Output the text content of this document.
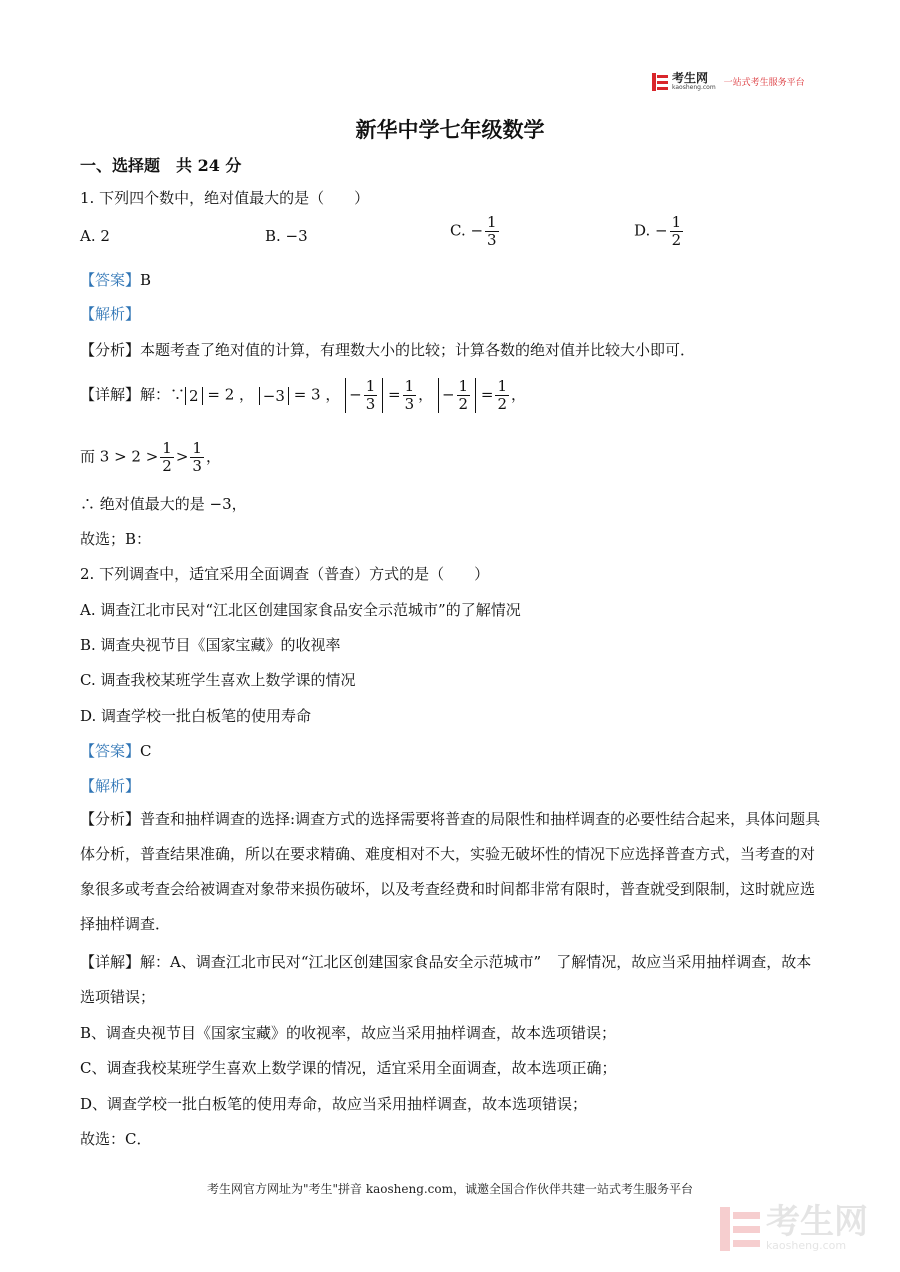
考生网
kaosheng.com 一站式考生服务平台
新华中学七年级数学
一、选择题　共 24 分
1. 下列四个数中，绝对值最大的是（　　）
A. 2	B. −3	C. − $\frac{1}{3}$	D. − $\frac{1}{2}$
【答案】B
【解析】
【分析】本题考查了绝对值的计算，有理数大小的比较；计算各数的绝对值并比较大小即可．
【详解】解：∵ 2 = 2 ， −3 = 3 ， − $\frac{1}{3} = \frac{1}{3}$ ， − $\frac{1}{2} = \frac{1}{2}$ ，
而 $3 > 2 > \frac{1}{2} > \frac{1}{3}$ ，
∴ 绝对值最大的是 −3，
故选；B：
2. 下列调查中，适宜采用全面调查（普查）方式的是（　　）
A. 调查江北市民对“江北区创建国家食品安全示范城市”的了解情况
B. 调查央视节目《国家宝藏》的收视率
C. 调查我校某班学生喜欢上数学课的情况
D. 调查学校一批白板笔的使用寿命
【答案】C
【解析】
【分析】普查和抽样调查的选择:调查方式的选择需要将普查的局限性和抽样调查的必要性结合起来，具体问题具体分析，普查结果准确，所以在要求精确、难度相对不大，实验无破坏性的情况下应选择普查方式，当考查的对象很多或考查会给被调查对象带来损伤破坏，以及考查经费和时间都非常有限时，普查就受到限制，这时就应选择抽样调查．
【详解】解：A、调查江北市民对“江北区创建国家食品安全示范城市”　了解情况，故应当采用抽样调查，故本选项错误；
B、调查央视节目《国家宝藏》的收视率，故应当采用抽样调查，故本选项错误；
C、调查我校某班学生喜欢上数学课的情况，适宜采用全面调查，故本选项正确；
D、调查学校一批白板笔的使用寿命，故应当采用抽样调查，故本选项错误；
故选：C．
考生网官方网址为"考生"拼音 kaosheng.com，诚邀全国合作伙伴共建一站式考生服务平台
考生网
kaosheng.com
